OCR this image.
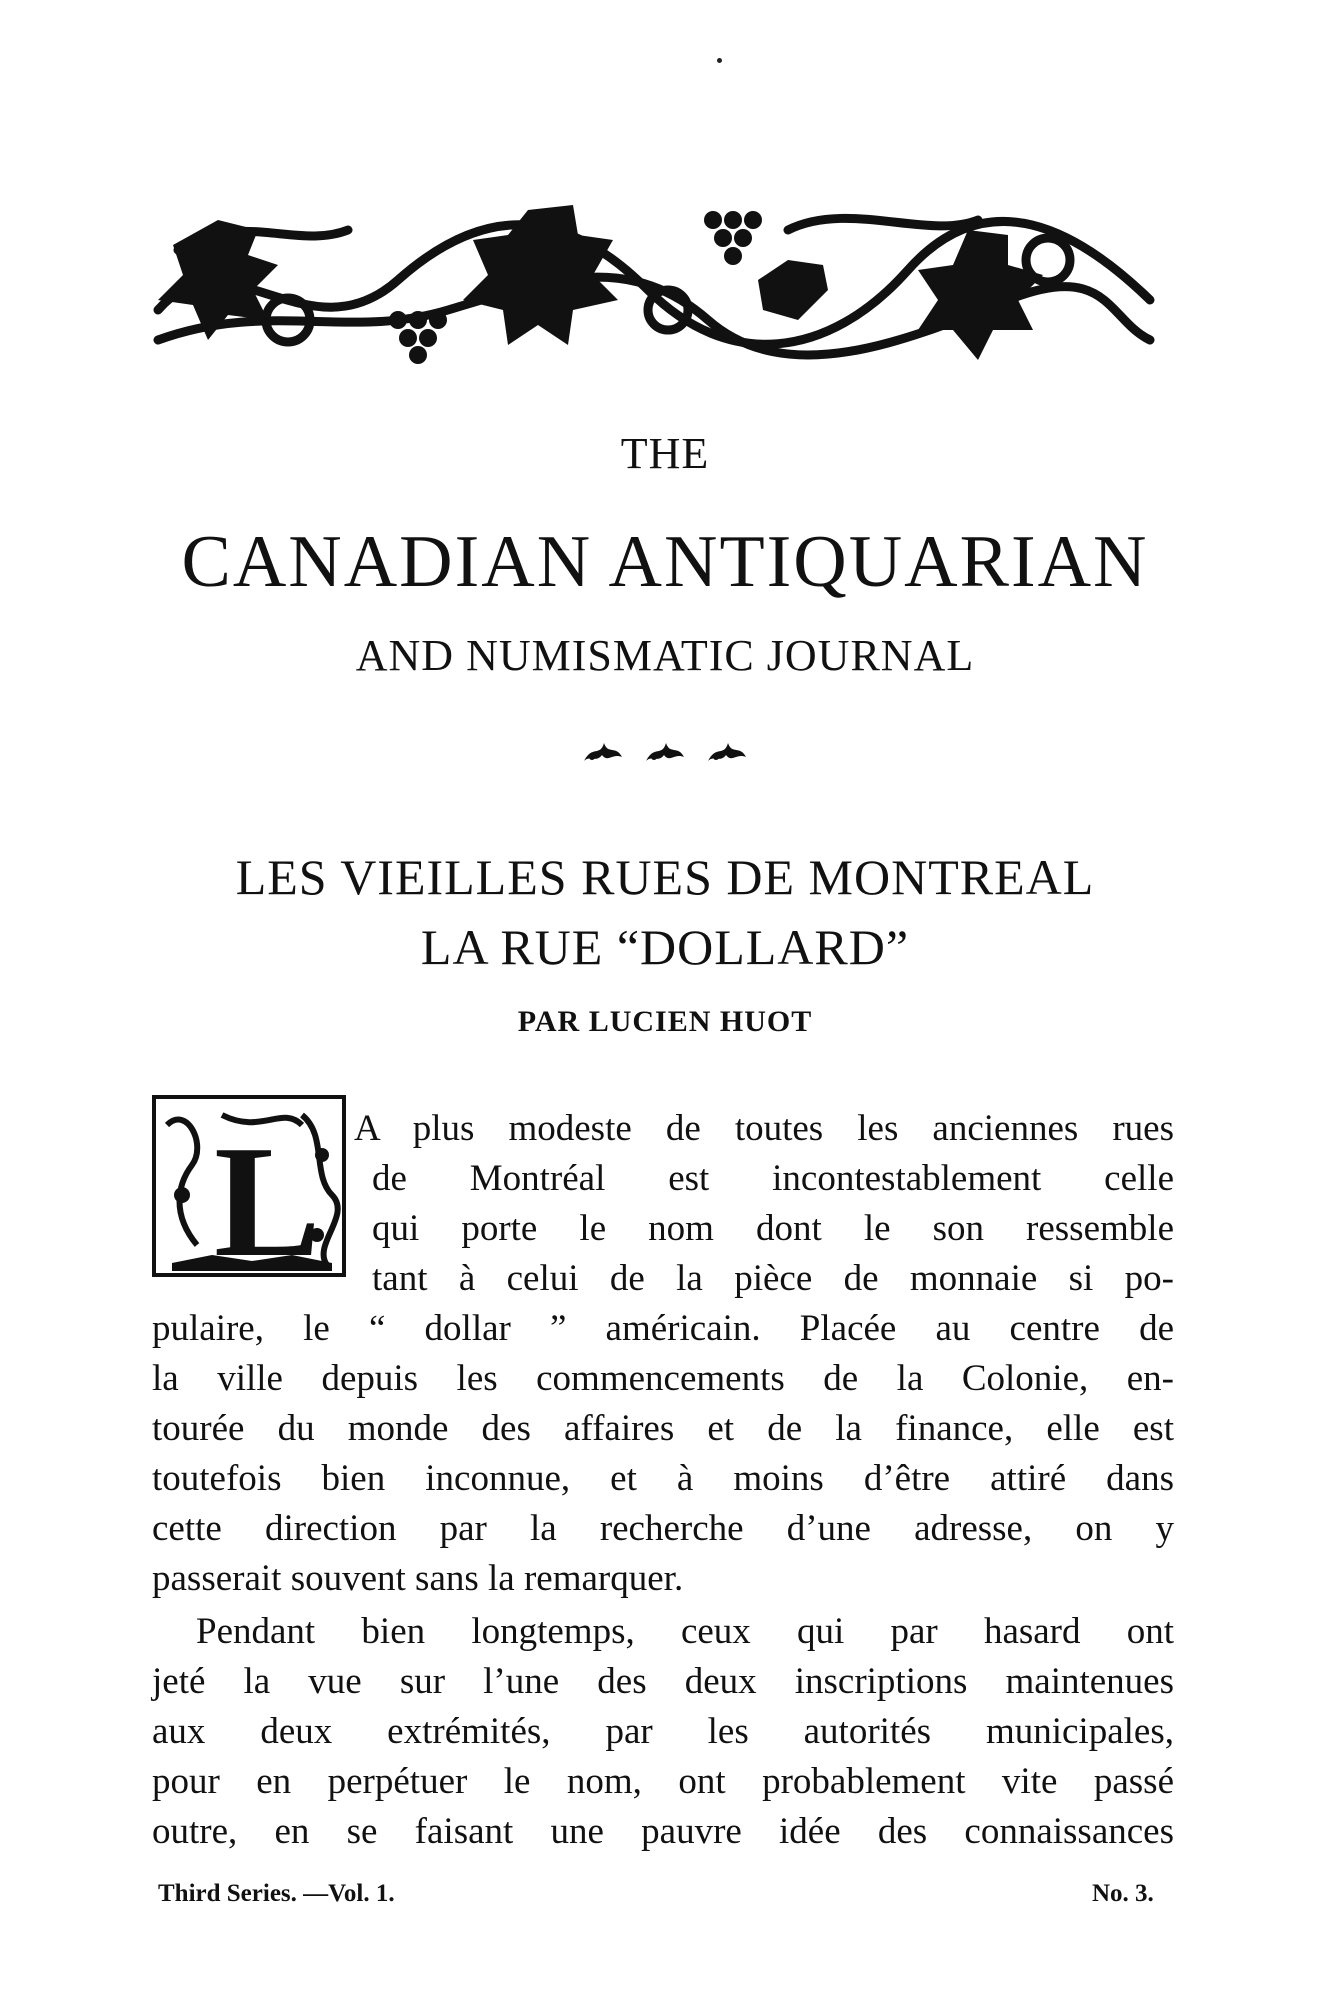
THE
CANADIAN ANTIQUARIAN
AND NUMISMATIC JOURNAL

LES VIEILLES RUES DE MONTREAL
LA RUE “DOLLARD”
PAR LUCIEN HUOT
L A plus modeste de toutes les anciennes rues
de Montréal est incontestablement celle
qui porte le nom dont le son ressemble
tant à celui de la pièce de monnaie si po-
pulaire, le “ dollar ” américain. Placée au centre de
la ville depuis les commencements de la Colonie, en-
tourée du monde des affaires et de la finance, elle est
toutefois bien inconnue, et à moins d’être attiré dans
cette direction par la recherche d’une adresse, on y
passerait souvent sans la remarquer.
Pendant bien longtemps, ceux qui par hasard ont
jeté la vue sur l’une des deux inscriptions maintenues
aux deux extrémités, par les autorités municipales,
pour en perpétuer le nom, ont probablement vite passé
outre, en se faisant une pauvre idée des connaissances
Third Series. —Vol. 1.	No. 3.
